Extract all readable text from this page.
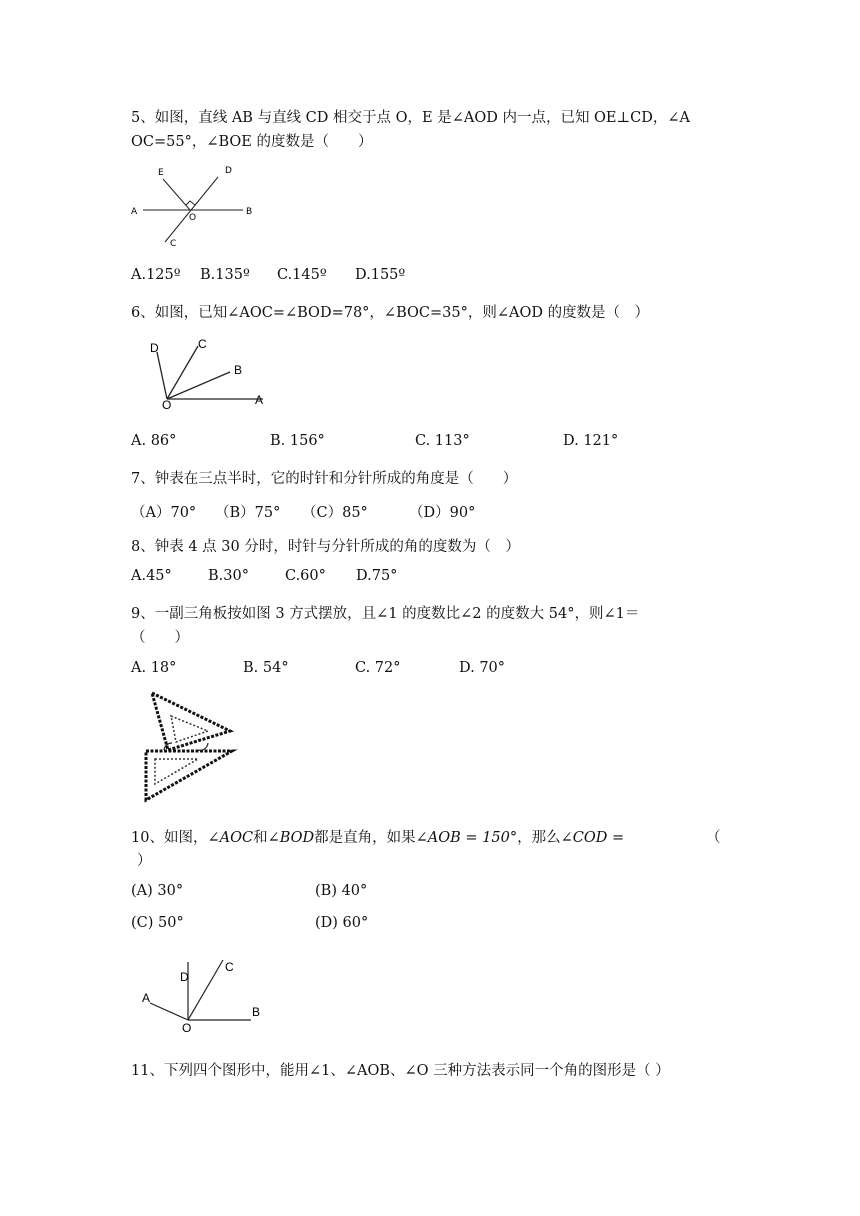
5、如图，直线 AB 与直线 CD 相交于点 O，E 是∠AOD 内一点，已知 OE⊥CD，∠A
OC=55°，∠BOE 的度数是（　　）
A	B
C
D
E
O
A.125º B.135º C.145º D.155º
6、如图，已知∠AOC=∠BOD=78°，∠BOC=35°，则∠AOD 的度数是（　）
A
B
C
D
O
A. 86°	B. 156°	C. 113°	D. 121°
7、钟表在三点半时，它的时针和分针所成的角度是（　　）
（A）70° （B）75° （C）85°	（D）90°
8、钟表 4 点 30 分时，时针与分针所成的角的度数为（　）
A.45° B.30° C.60° D.75°
9、一副三角板按如图 3 方式摆放，且∠1 的度数比∠2 的度数大 54°，则∠1＝
（　　）
A. 18°	B. 54°	C. 72°	D. 70°
10、如图，∠AOC和∠BOD都是直角，如果∠AOB = 150°，那么∠COD =	（
）
(A) 30°	(B) 40°
(C) 50°	(D) 60°
A
B
C
D
O
11、下列四个图形中，能用∠1、∠AOB、∠O 三种方法表示同一个角的图形是（ ）
